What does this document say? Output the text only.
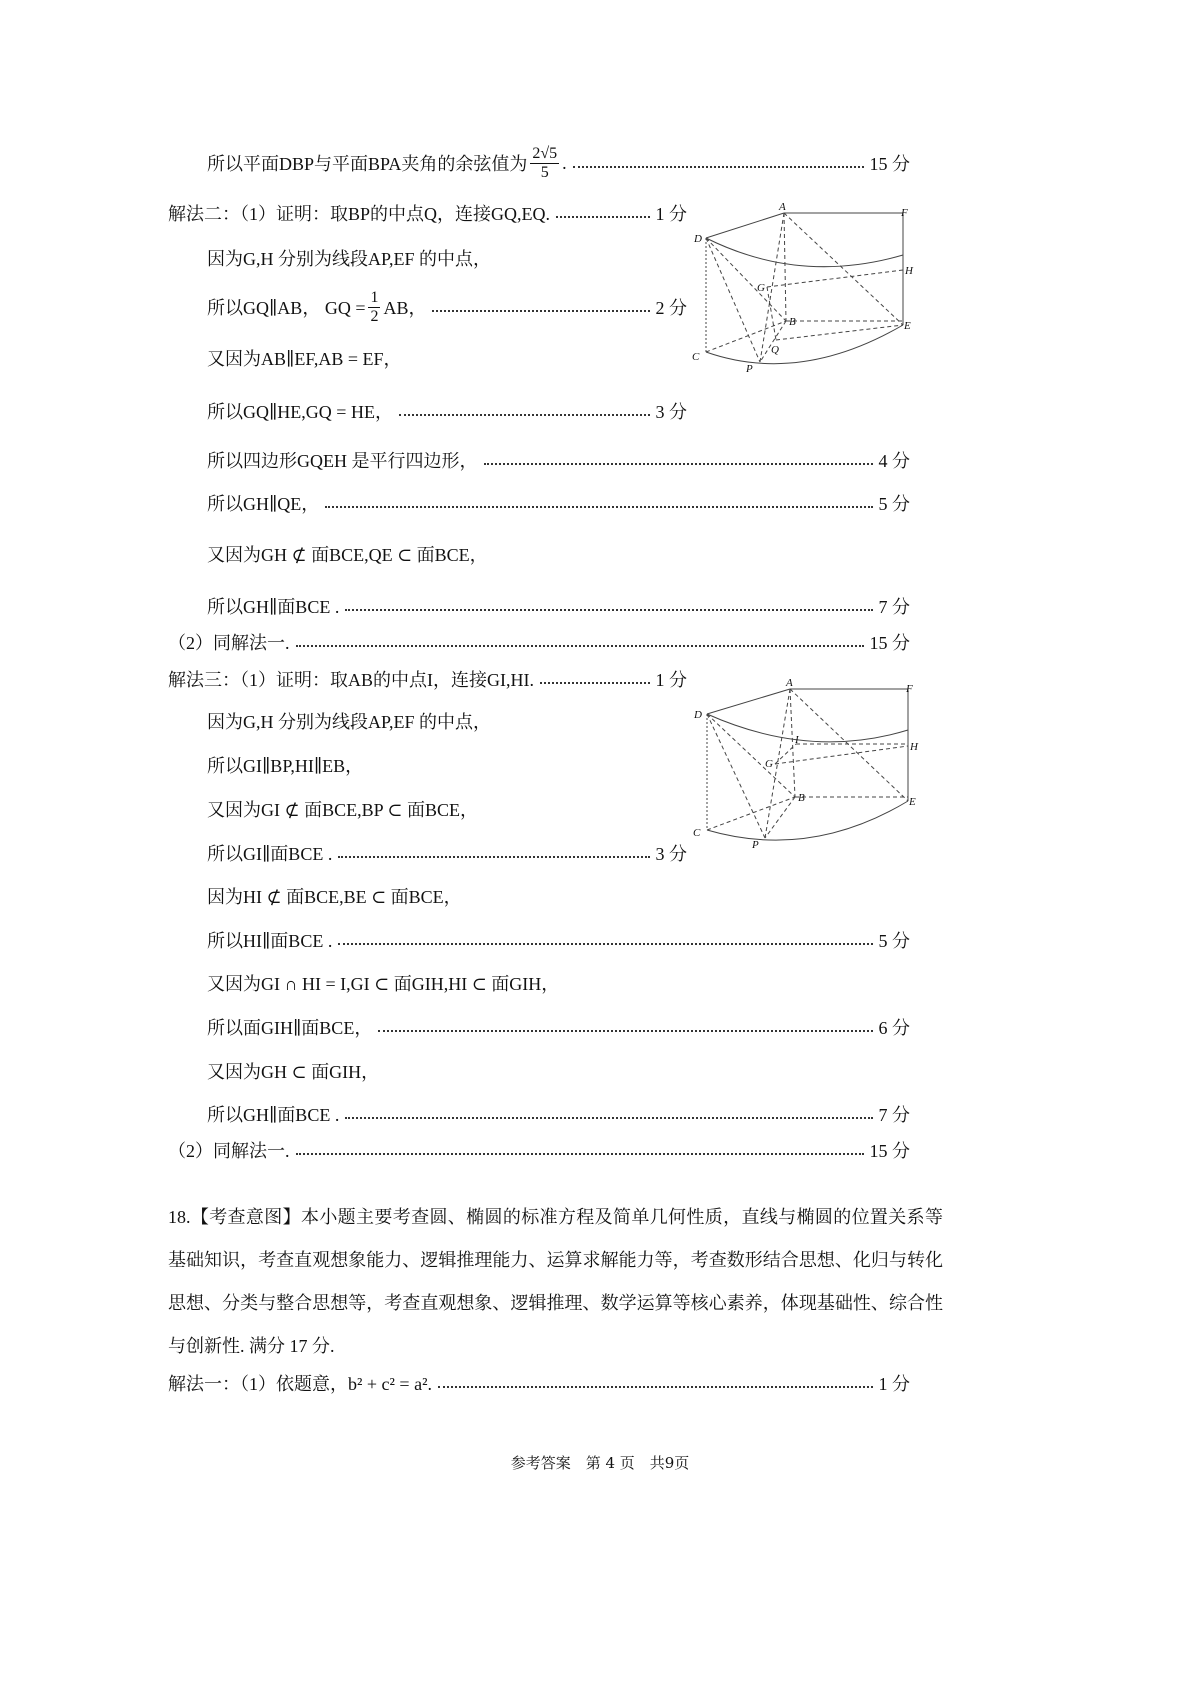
所以平面DBP与平面BPA夹角的余弦值为 $\frac{2√5}{5}$ .	15 分
解法二：（1）证明：取BP的中点Q，连接GQ,EQ.	1 分
因为G,H 分别为线段AP,EF 的中点，
所以GQ∥AB， GQ = $\frac{1}{2}$ AB，	2 分
又因为AB∥EF,AB = EF，
所以GQ∥HE,GQ = HE，	3 分
所以四边形GQEH 是平行四边形，	4 分
所以GH∥QE，	5 分
又因为GH ⊄ 面BCE,QE ⊂ 面BCE，
所以GH∥面BCE .	7 分
（2）同解法一.	15 分
解法三：（1）证明：取AB的中点I，连接GI,HI.	1 分
因为G,H 分别为线段AP,EF 的中点，
所以GI∥BP,HI∥EB，
又因为GI ⊄ 面BCE,BP ⊂ 面BCE，
所以GI∥面BCE .	3 分
因为HI ⊄ 面BCE,BE ⊂ 面BCE，
所以HI∥面BCE .	5 分
又因为GI ∩ HI = I,GI ⊂ 面GIH,HI ⊂ 面GIH，
所以面GIH∥面BCE，	6 分
又因为GH ⊂ 面GIH，
所以GH∥面BCE .	7 分
（2）同解法一.	15 分
18.【考查意图】本小题主要考查圆、椭圆的标准方程及简单几何性质，直线与椭圆的位置关系等基础知识，考查直观想象能力、逻辑推理能力、运算求解能力等，考查数形结合思想、化归与转化思想、分类与整合思想等，考查直观想象、逻辑推理、数学运算等核心素养，体现基础性、综合性与创新性. 满分 17 分.
解法一：（1）依题意，b² + c² = a².	1 分
参考答案　第 4 页　共9页
A	F
D
H
G
B	E
C
Q
P
A	F
D
I
H
G
B	E
C
P
